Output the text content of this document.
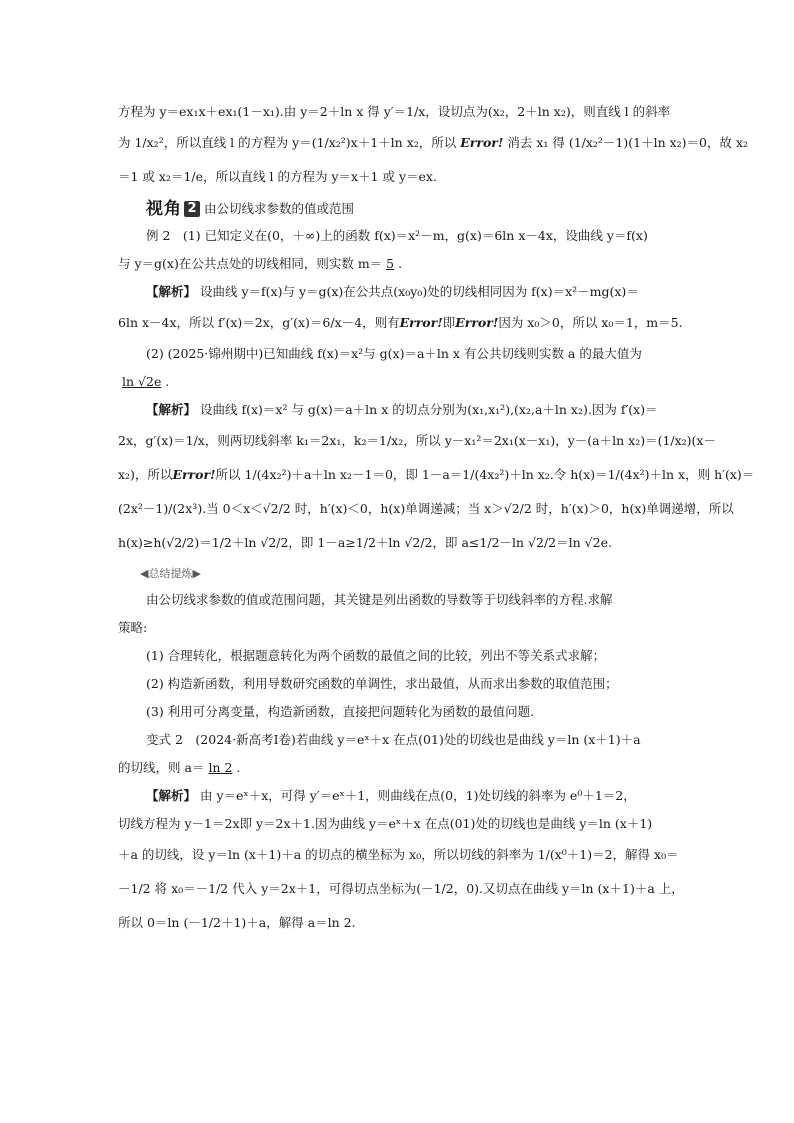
方程为 y＝ex₁x＋ex₁(1－x₁).由 y＝2＋ln x 得 y′＝1/x，设切点为(x₂，2＋ln x₂)，则直线 l 的斜率
为 1/x₂²，所以直线 l 的方程为 y＝(1/x₂²)x＋1＋ln x₂，所以 Error! 消去 x₁ 得 (1/x₂²－1)(1＋ln x₂)＝0，故 x₂
＝1 或 x₂＝1/e，所以直线 l 的方程为 y＝x＋1 或 y＝ex.
视角 2 由公切线求参数的值或范围
例 2　(1) 已知定义在(0，＋∞)上的函数 f(x)＝x²－m，g(x)＝6ln x－4x，设曲线 y＝f(x)
与 y＝g(x)在公共点处的切线相同，则实数 m＝ 5 .
【解析】 设曲线 y＝f(x)与 y＝g(x)在公共点(x₀y₀)处的切线相同因为 f(x)＝x²－mg(x)＝
6ln x－4x，所以 f′(x)＝2x，g′(x)＝6/x－4，则有Error!即Error!因为 x₀＞0，所以 x₀＝1，m＝5.
(2) (2025·锦州期中)已知曲线 f(x)＝x²与 g(x)＝a＋ln x 有公共切线则实数 a 的最大值为
ln √2e .
【解析】 设曲线 f(x)＝x² 与 g(x)＝a＋ln x 的切点分别为(x₁,x₁²),(x₂,a＋ln x₂).因为 f′(x)＝
2x，g′(x)＝1/x，则两切线斜率 k₁＝2x₁，k₂＝1/x₂，所以 y－x₁²＝2x₁(x－x₁)，y－(a＋ln x₂)＝(1/x₂)(x－
x₂)，所以Error!所以 1/(4x₂²)＋a＋ln x₂－1＝0，即 1－a＝1/(4x₂²)＋ln x₂.令 h(x)＝1/(4x²)＋ln x，则 h′(x)＝
(2x²－1)/(2x³).当 0＜x＜√2/2 时，h′(x)＜0，h(x)单调递减；当 x＞√2/2 时，h′(x)＞0，h(x)单调递增，所以
h(x)≥h(√2/2)＝1/2＋ln √2/2，即 1－a≥1/2＋ln √2/2，即 a≤1/2－ln √2/2＝ln √2e.
◀总结提炼▶
由公切线求参数的值或范围问题，其关键是列出函数的导数等于切线斜率的方程.求解
策略:
(1) 合理转化，根据题意转化为两个函数的最值之间的比较，列出不等关系式求解；
(2) 构造新函数，利用导数研究函数的单调性，求出最值，从而求出参数的取值范围；
(3) 利用可分离变量，构造新函数，直接把问题转化为函数的最值问题.
变式 2　(2024·新高考Ⅰ卷)若曲线 y＝eˣ＋x 在点(01)处的切线也是曲线 y＝ln (x＋1)＋a
的切线，则 a＝ ln 2 .
【解析】 由 y＝eˣ＋x，可得 y′＝eˣ＋1，则曲线在点(0，1)处切线的斜率为 e⁰＋1＝2，
切线方程为 y－1＝2x即 y＝2x＋1.因为曲线 y＝eˣ＋x 在点(01)处的切线也是曲线 y＝ln (x＋1)
＋a 的切线，设 y＝ln (x＋1)＋a 的切点的横坐标为 x₀，所以切线的斜率为 1/(x⁰＋1)＝2，解得 x₀＝
－1/2 将 x₀＝－1/2 代入 y＝2x＋1，可得切点坐标为(－1/2，0).又切点在曲线 y＝ln (x＋1)＋a 上，
所以 0＝ln (－1/2＋1)＋a，解得 a＝ln 2.
